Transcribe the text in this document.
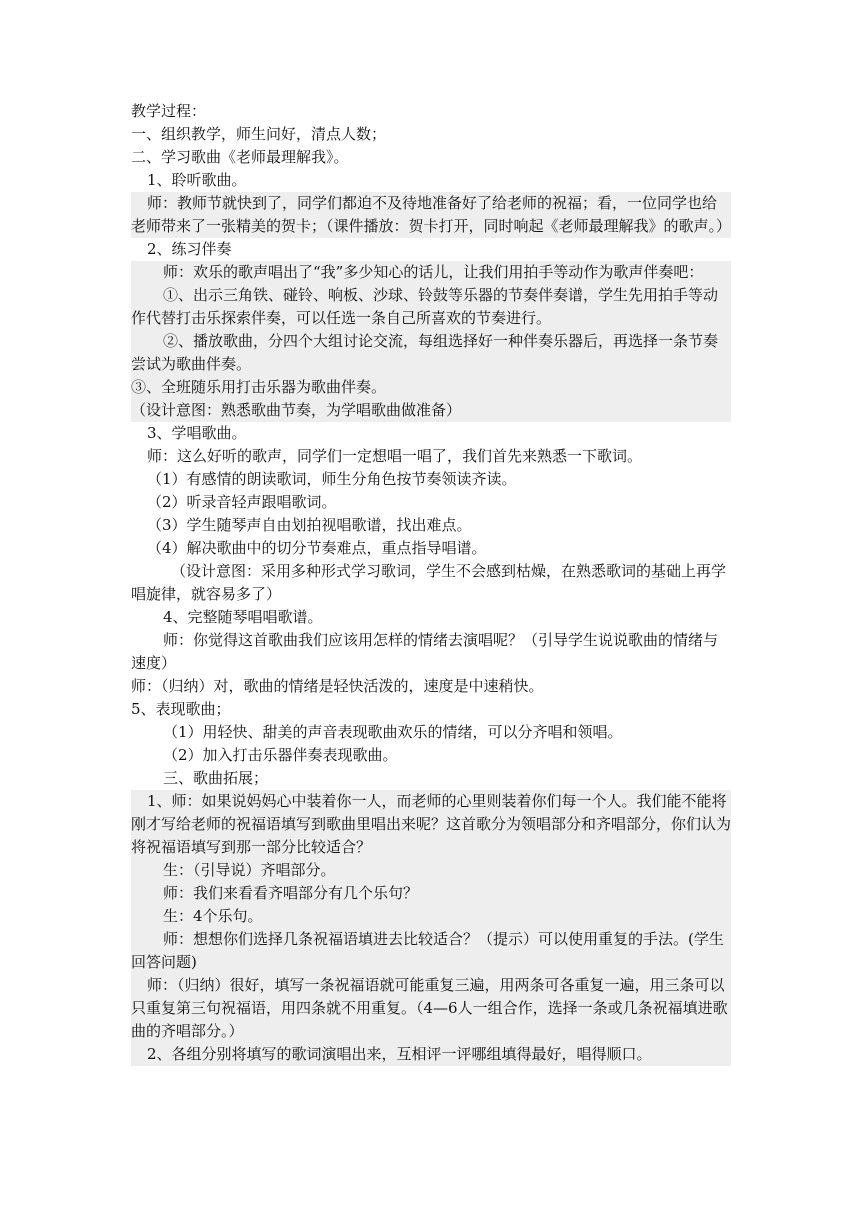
教学过程：

一、组织教学，师生问好，清点人数；

二、学习歌曲《老师最理解我》。

1、聆听歌曲。

师：教师节就快到了，同学们都迫不及待地准备好了给老师的祝福；看，一位同学也给老师带来了一张精美的贺卡；（课件播放：贺卡打开，同时响起《老师最理解我》的歌声。）

2、练习伴奏

师：欢乐的歌声唱出了“我”多少知心的话儿，让我们用拍手等动作为歌声伴奏吧：

①、出示三角铁、碰铃、响板、沙球、铃鼓等乐器的节奏伴奏谱，学生先用拍手等动作代替打击乐探索伴奏，可以任选一条自己所喜欢的节奏进行。

②、播放歌曲，分四个大组讨论交流，每组选择好一种伴奏乐器后，再选择一条节奏尝试为歌曲伴奏。

③、全班随乐用打击乐器为歌曲伴奏。

（设计意图：熟悉歌曲节奏，为学唱歌曲做准备）

3、学唱歌曲。

师：这么好听的歌声，同学们一定想唱一唱了，我们首先来熟悉一下歌词。

（1）有感情的朗读歌词，师生分角色按节奏领读齐读。

（2）听录音轻声跟唱歌词。

（3）学生随琴声自由划拍视唱歌谱，找出难点。

（4）解决歌曲中的切分节奏难点，重点指导唱谱。

（设计意图：采用多种形式学习歌词，学生不会感到枯燥，在熟悉歌词的基础上再学唱旋律，就容易多了）

4、完整随琴唱唱歌谱。

师：你觉得这首歌曲我们应该用怎样的情绪去演唱呢？（引导学生说说歌曲的情绪与速度）

师：（归纳）对，歌曲的情绪是轻快活泼的，速度是中速稍快。

5、表现歌曲；

（1）用轻快、甜美的声音表现歌曲欢乐的情绪，可以分齐唱和领唱。

（2）加入打击乐器伴奏表现歌曲。

三、歌曲拓展；

1、师：如果说妈妈心中装着你一人，而老师的心里则装着你们每一个人。我们能不能将刚才写给老师的祝福语填写到歌曲里唱出来呢？这首歌分为领唱部分和齐唱部分，你们认为将祝福语填写到那一部分比较适合？

生：（引导说）齐唱部分。

师：我们来看看齐唱部分有几个乐句？

生：4个乐句。

师：想想你们选择几条祝福语填进去比较适合？（提示）可以使用重复的手法。(学生回答问题)

师：（归纳）很好，填写一条祝福语就可能重复三遍，用两条可各重复一遍，用三条可以只重复第三句祝福语，用四条就不用重复。（4—6人一组合作，选择一条或几条祝福填进歌曲的齐唱部分。）

2、各组分别将填写的歌词演唱出来，互相评一评哪组填得最好，唱得顺口。
